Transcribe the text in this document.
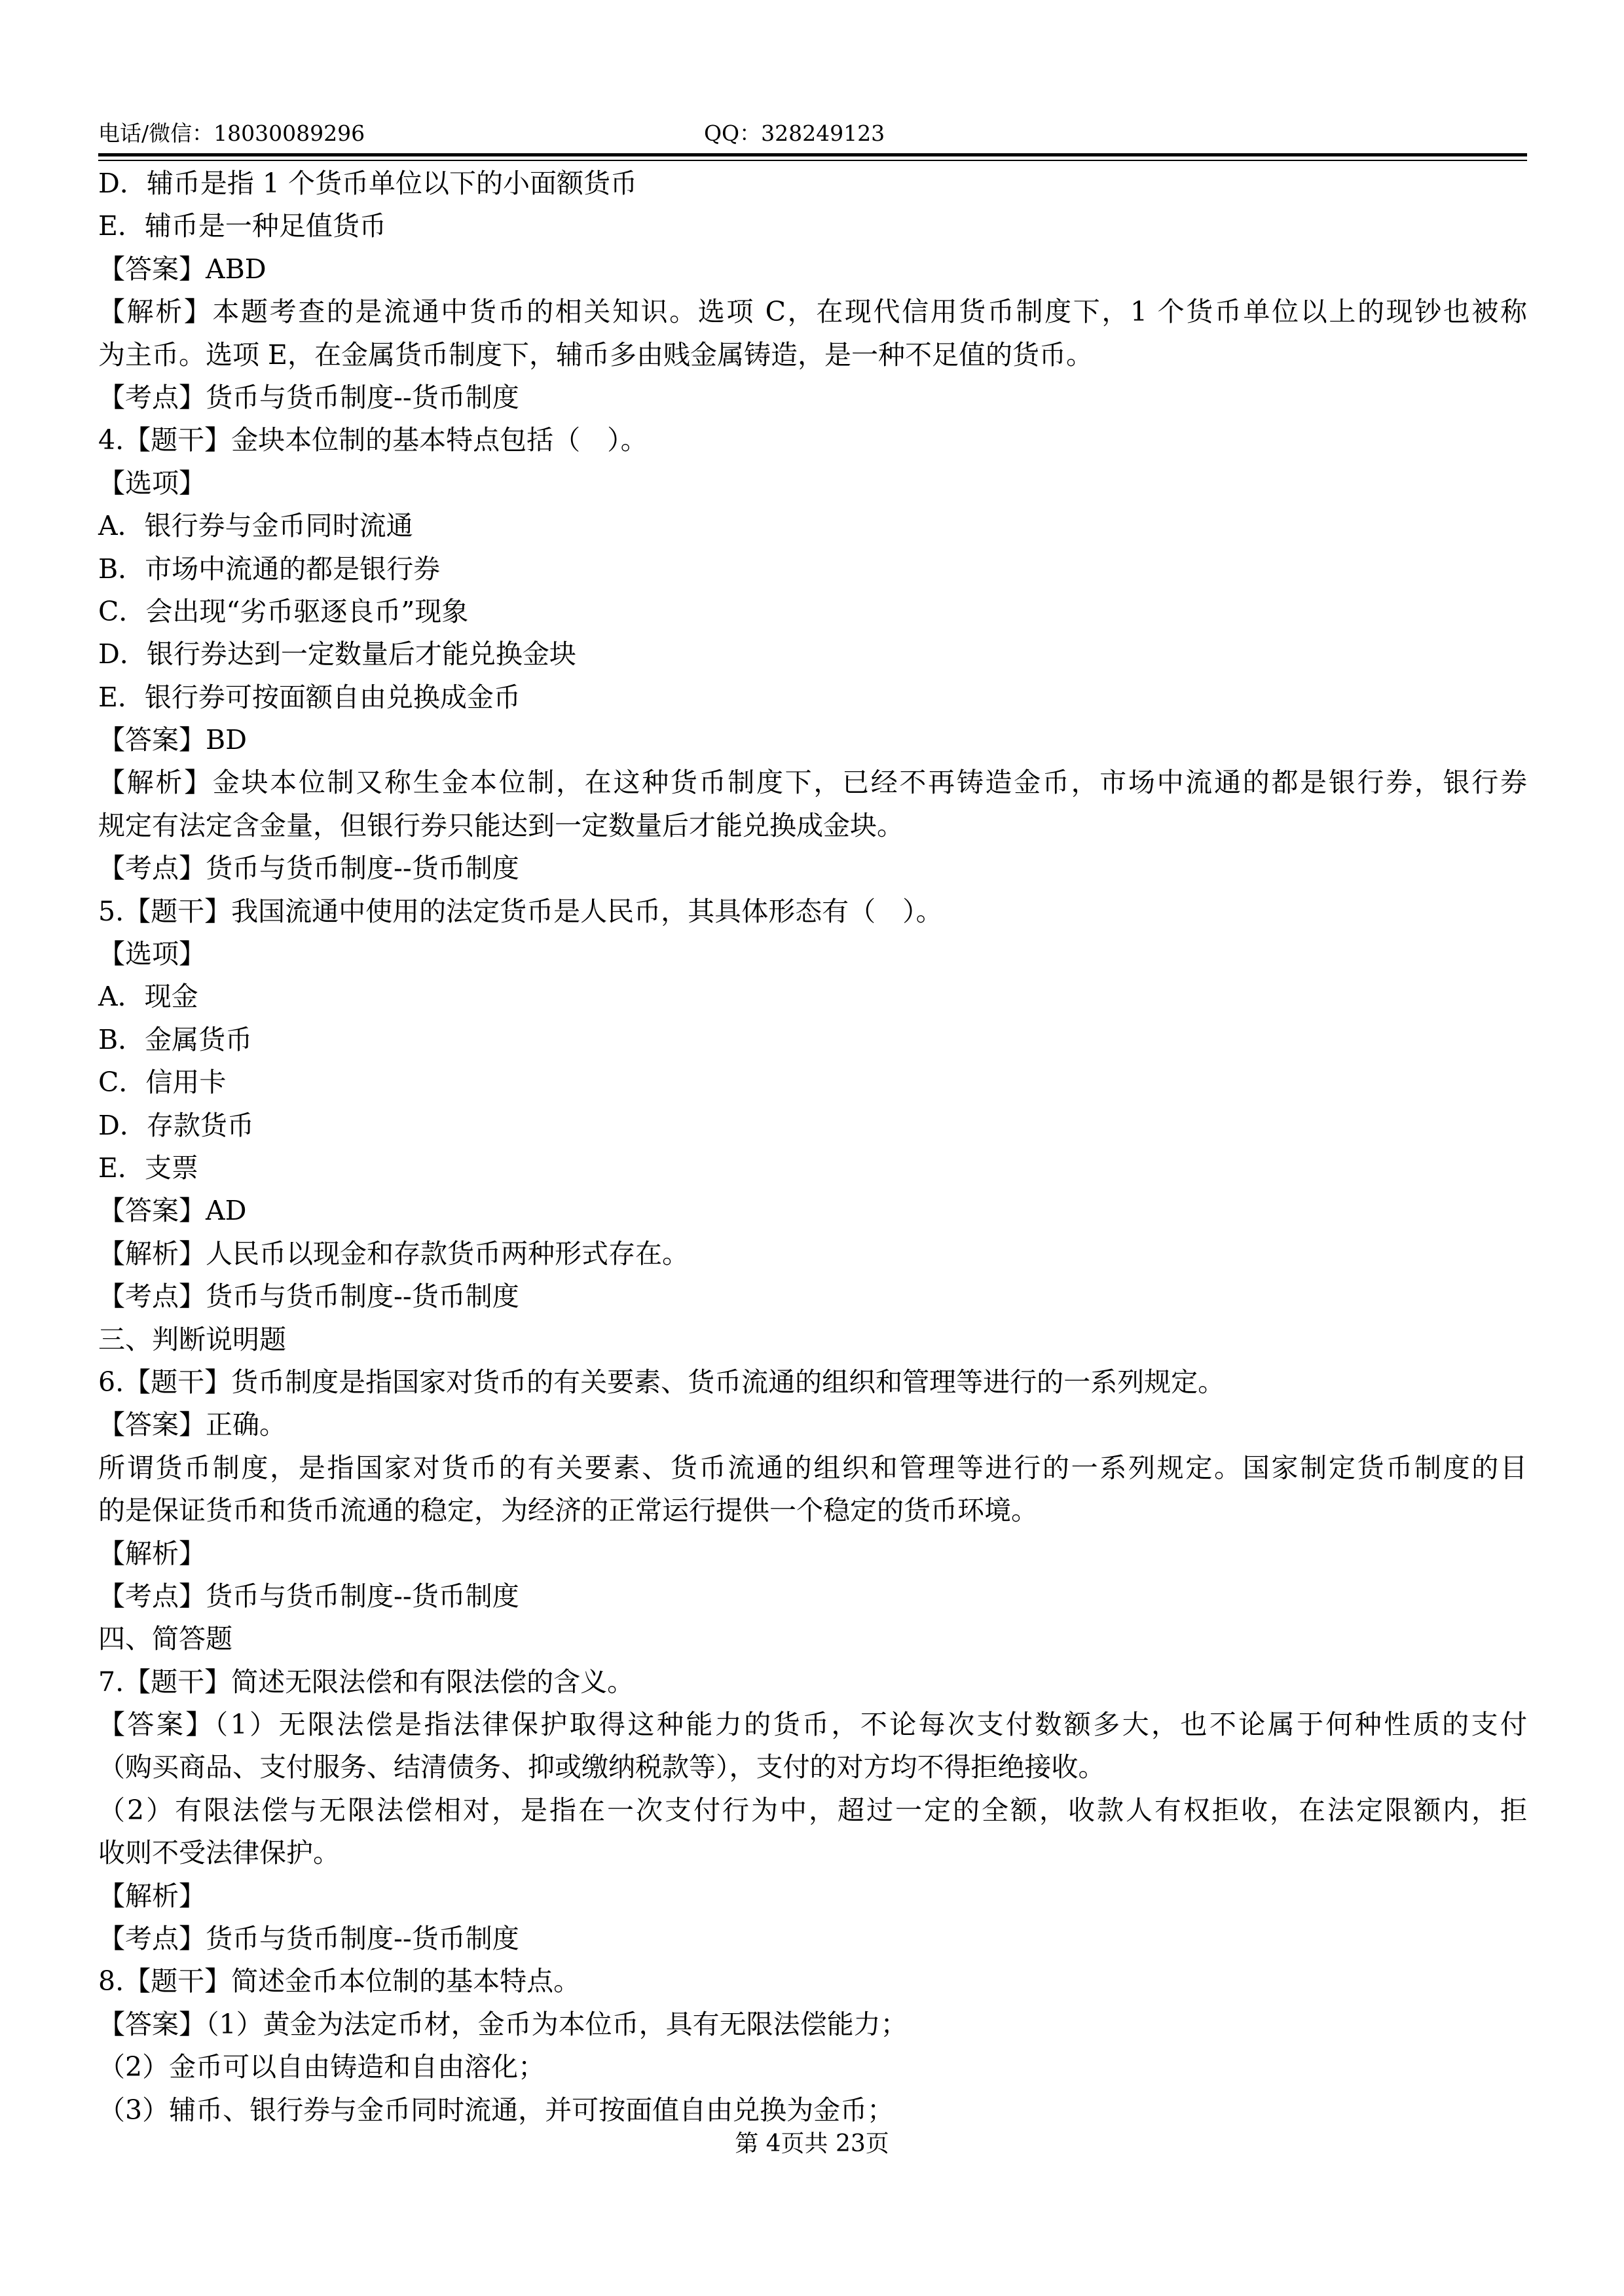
电话/微信：18030089296	QQ：328249123
D．辅币是指 1 个货币单位以下的小面额货币
E．辅币是一种足值货币
【答案】ABD
【解析】本题考查的是流通中货币的相关知识。选项 C，在现代信用货币制度下，1 个货币单位以上的现钞也被称
为主币。选项 E，在金属货币制度下，辅币多由贱金属铸造，是一种不足值的货币。
【考点】货币与货币制度--货币制度
4.【题干】金块本位制的基本特点包括（　）。
【选项】
A．银行券与金币同时流通
B．市场中流通的都是银行券
C．会出现“劣币驱逐良币”现象
D．银行券达到一定数量后才能兑换金块
E．银行券可按面额自由兑换成金币
【答案】BD
【解析】金块本位制又称生金本位制，在这种货币制度下，已经不再铸造金币，市场中流通的都是银行券，银行券
规定有法定含金量，但银行券只能达到一定数量后才能兑换成金块。
【考点】货币与货币制度--货币制度
5.【题干】我国流通中使用的法定货币是人民币，其具体形态有（　）。
【选项】
A．现金
B．金属货币
C．信用卡
D．存款货币
E．支票
【答案】AD
【解析】人民币以现金和存款货币两种形式存在。
【考点】货币与货币制度--货币制度
三、判断说明题
6.【题干】货币制度是指国家对货币的有关要素、货币流通的组织和管理等进行的一系列规定。
【答案】正确。
所谓货币制度，是指国家对货币的有关要素、货币流通的组织和管理等进行的一系列规定。国家制定货币制度的目
的是保证货币和货币流通的稳定，为经济的正常运行提供一个稳定的货币环境。
【解析】
【考点】货币与货币制度--货币制度
四、简答题
7.【题干】简述无限法偿和有限法偿的含义。
【答案】（1）无限法偿是指法律保护取得这种能力的货币，不论每次支付数额多大，也不论属于何种性质的支付
（购买商品、支付服务、结清债务、抑或缴纳税款等），支付的对方均不得拒绝接收。
（2）有限法偿与无限法偿相对，是指在一次支付行为中，超过一定的全额，收款人有权拒收，在法定限额内，拒
收则不受法律保护。
【解析】
【考点】货币与货币制度--货币制度
8.【题干】简述金币本位制的基本特点。
【答案】（1）黄金为法定币材，金币为本位币，具有无限法偿能力；
（2）金币可以自由铸造和自由溶化；
（3）辅币、银行券与金币同时流通，并可按面值自由兑换为金币；
第 4页共 23页
